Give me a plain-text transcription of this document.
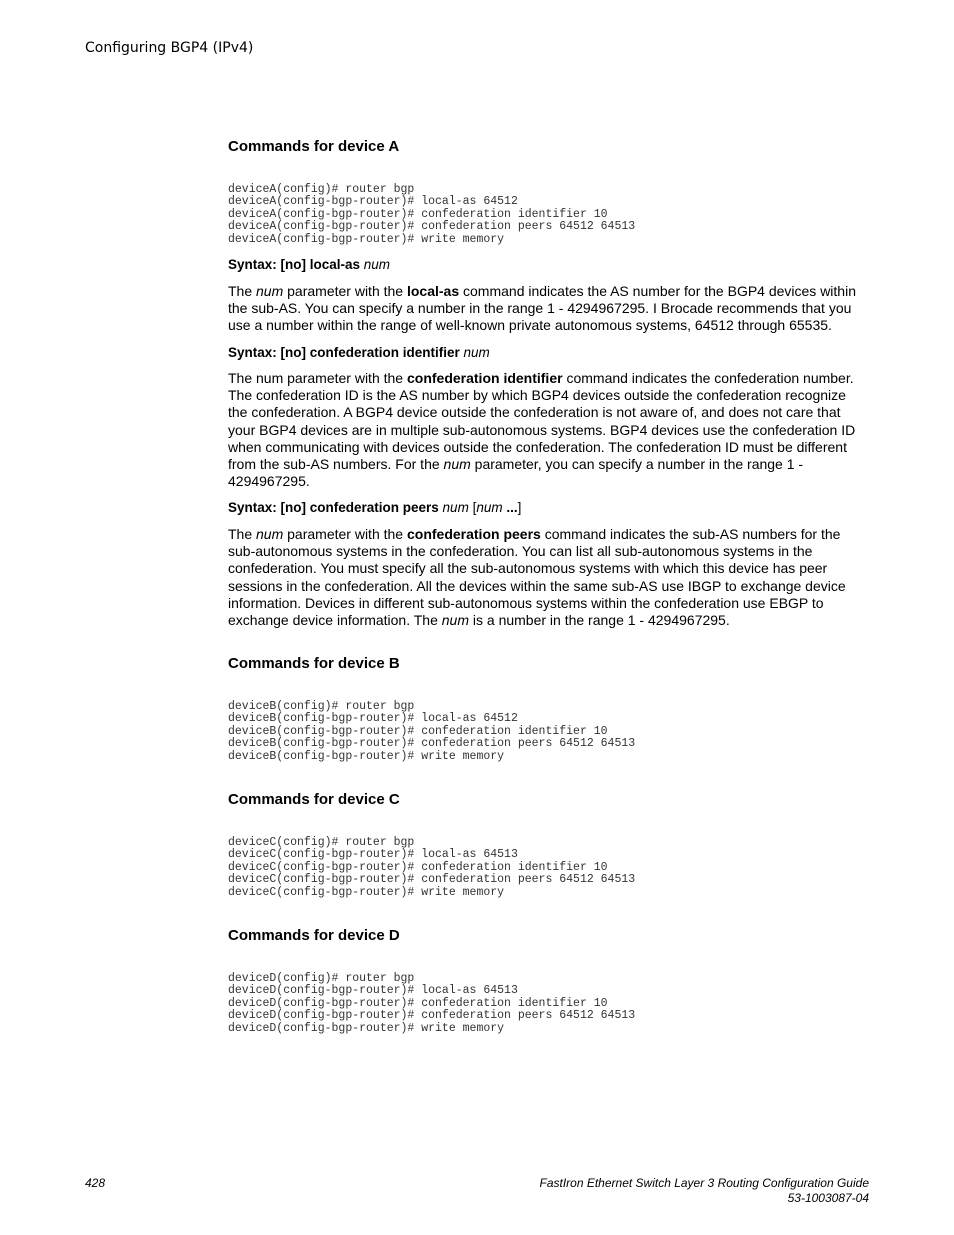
Configuring BGP4 (IPv4)
Commands for device A
deviceA(config)# router bgp
deviceA(config-bgp-router)# local-as 64512
deviceA(config-bgp-router)# confederation identifier 10
deviceA(config-bgp-router)# confederation peers 64512 64513
deviceA(config-bgp-router)# write memory
Syntax: [no] local-as num

The num parameter with the local-as command indicates the AS number for the BGP4 devices within the sub-AS. You can specify a number in the range 1 - 4294967295. I Brocade recommends that you use a number within the range of well-known private autonomous systems, 64512 through 65535.

Syntax: [no] confederation identifier num

The num parameter with the confederation identifier command indicates the confederation number. The confederation ID is the AS number by which BGP4 devices outside the confederation recognize the confederation. A BGP4 device outside the confederation is not aware of, and does not care that your BGP4 devices are in multiple sub-autonomous systems. BGP4 devices use the confederation ID when communicating with devices outside the confederation. The confederation ID must be different from the sub-AS numbers. For the num parameter, you can specify a number in the range 1 - 4294967295.

Syntax: [no] confederation peers num [num ...]

The num parameter with the confederation peers command indicates the sub-AS numbers for the sub-autonomous systems in the confederation. You can list all sub-autonomous systems in the confederation. You must specify all the sub-autonomous systems with which this device has peer sessions in the confederation. All the devices within the same sub-AS use IBGP to exchange device information. Devices in different sub-autonomous systems within the confederation use EBGP to exchange device information. The num is a number in the range 1 - 4294967295.

Commands for device B
deviceB(config)# router bgp
deviceB(config-bgp-router)# local-as 64512
deviceB(config-bgp-router)# confederation identifier 10
deviceB(config-bgp-router)# confederation peers 64512 64513
deviceB(config-bgp-router)# write memory
Commands for device C
deviceC(config)# router bgp
deviceC(config-bgp-router)# local-as 64513
deviceC(config-bgp-router)# confederation identifier 10
deviceC(config-bgp-router)# confederation peers 64512 64513
deviceC(config-bgp-router)# write memory
Commands for device D
deviceD(config)# router bgp
deviceD(config-bgp-router)# local-as 64513
deviceD(config-bgp-router)# confederation identifier 10
deviceD(config-bgp-router)# confederation peers 64512 64513
deviceD(config-bgp-router)# write memory
428	FastIron Ethernet Switch Layer 3 Routing Configuration Guide
53-1003087-04
